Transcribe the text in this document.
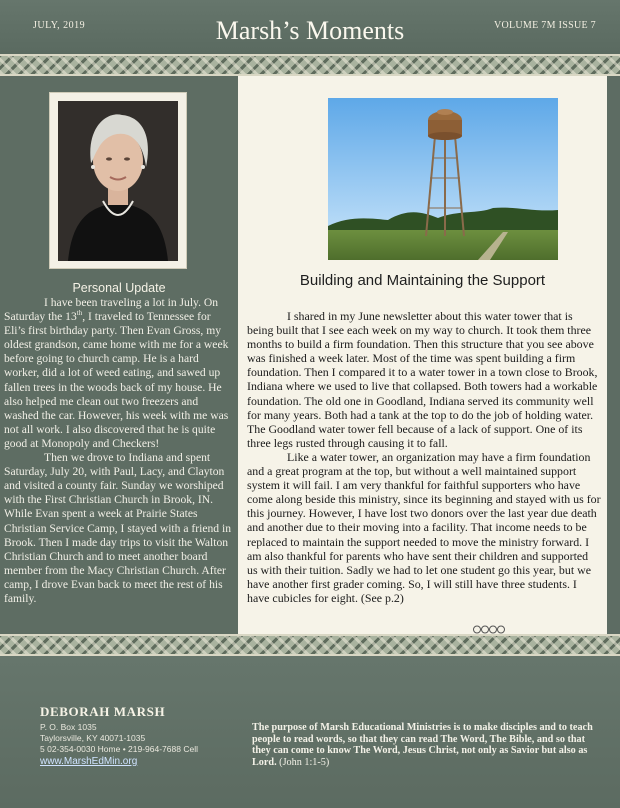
JULY, 2019	Marsh’s Moments	VOLUME 7M ISSUE 7
Personal Update

I have been traveling a lot in July. On Saturday the 13th, I traveled to Tennessee for Eli’s first birthday party. Then Evan Gross, my oldest grandson, came home with me for a week before going to church camp. He is a hard worker, did a lot of weed eating, and sawed up fallen trees in the woods back of my house. He also helped me clean out two freezers and washed the car. However, his week with me was not all work. I also discovered that he is quite good at Monopoly and Checkers!

Then we drove to Indiana and spent Saturday, July 20, with Paul, Lacy, and Clayton and visited a county fair. Sunday we worshiped with the First Christian Church in Brook, IN. While Evan spent a week at Prairie States Christian Service Camp, I stayed with a friend in Brook. Then I made day trips to visit the Walton Christian Church and to meet another board member from the Macy Christian Church. After camp, I drove Evan back to meet the rest of his family.

Building and Maintaining the Support

I shared in my June newsletter about this water tower that is being built that I see each week on my way to church. It took them three months to build a firm foundation. Then this structure that you see above was finished a week later. Most of the time was spent building a firm foundation. Then I compared it to a water tower in a town close to Brook, Indiana where we used to live that collapsed. Both towers had a workable foundation. The old one in Goodland, Indiana served its community well for many years. Both had a tank at the top to do the job of holding water. The Goodland water tower fell because of a lack of support. One of its three legs rusted through causing it to fall.

Like a water tower, an organization may have a firm foundation and a great program at the top, but without a well maintained support system it will fail. I am very thankful for faithful supporters who have come along beside this ministry, since its beginning and stayed with us for this journey. However, I have lost two donors over the last year due death and another due to their moving into a facility. That income needs to be replaced to maintain the support needed to move the ministry forward. I am also thankful for parents who have sent their children and supported us with their tuition. Sadly we had to let one student go this year, but we have another first grader coming. So, I will still have three students. I have cubicles for eight. (See p.2)

DEBORAH MARSH
P. O. Box 1035
Taylorsville, KY 40071-1035
5 02-354-0030 Home • 219-964-7688 Cell
www.MarshEdMin.org
The purpose of Marsh Educational Ministries is to make disciples and to teach people to read words, so that they can read The Word, The Bible, and so that they can come to know The Word, Jesus Christ, not only as Savior but also as Lord. (John 1:1-5)
